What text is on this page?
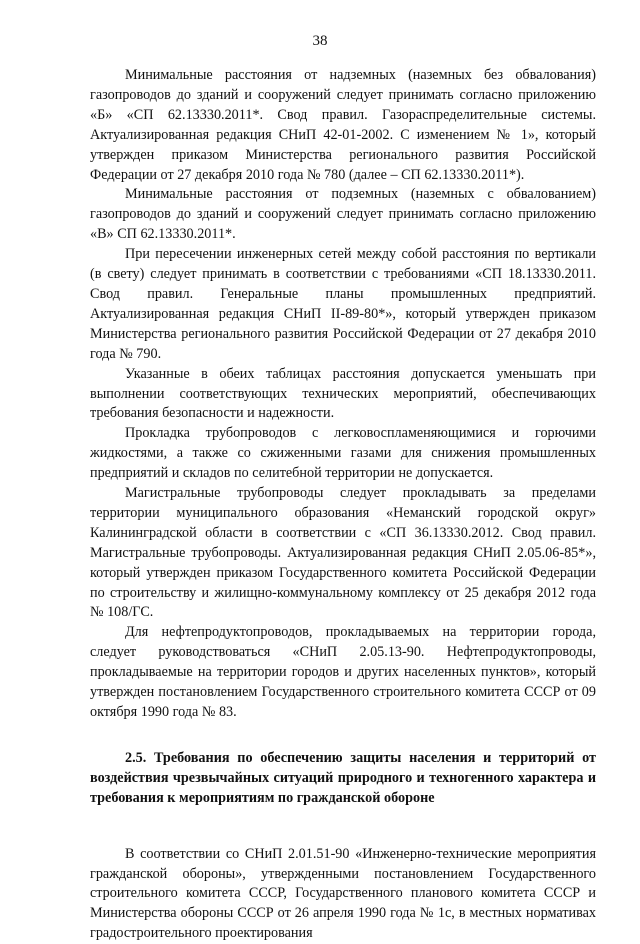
38

Минимальные расстояния от надземных (наземных без обвалования) газопроводов до зданий и сооружений следует принимать согласно приложению «Б» «СП 62.13330.2011*. Свод правил. Газораспределительные системы. Актуализированная редакция СНиП 42-01-2002. С изменением № 1», который утвержден приказом Министерства регионального развития Российской Федерации от 27 декабря 2010 года № 780 (далее – СП 62.13330.2011*).

Минимальные расстояния от подземных (наземных с обвалованием) газопроводов до зданий и сооружений следует принимать согласно приложению «В» СП 62.13330.2011*.

При пересечении инженерных сетей между собой расстояния по вертикали (в свету) следует принимать в соответствии с требованиями «СП 18.13330.2011. Свод правил. Генеральные планы промышленных предприятий. Актуализированная редакция СНиП II-89-80*», который утвержден приказом Министерства регионального развития Российской Федерации от 27 декабря 2010 года № 790.

Указанные в обеих таблицах расстояния допускается уменьшать при выполнении соответствующих технических мероприятий, обеспечивающих требования безопасности и надежности.

Прокладка трубопроводов с легковоспламеняющимися и горючими жидкостями, а также со сжиженными газами для снижения промышленных предприятий и складов по селитебной территории не допускается.

Магистральные трубопроводы следует прокладывать за пределами территории муниципального образования «Неманский городской округ» Калининградской области в соответствии с «СП 36.13330.2012. Свод правил. Магистральные трубопроводы. Актуализированная редакция СНиП 2.05.06-85*», который утвержден приказом Государственного комитета Российской Федерации по строительству и жилищно-коммунальному комплексу от 25 декабря 2012 года № 108/ГС.

Для нефтепродуктопроводов, прокладываемых на территории города, следует руководствоваться «СНиП 2.05.13-90. Нефтепродуктопроводы, прокладываемые на территории городов и других населенных пунктов», который утвержден постановлением Государственного строительного комитета СССР от 09 октября 1990 года № 83.

2.5. Требования по обеспечению защиты населения и территорий от воздействия чрезвычайных ситуаций природного и техногенного характера и требования к мероприятиям по гражданской обороне

В соответствии со СНиП 2.01.51-90 «Инженерно-технические мероприятия гражданской обороны», утвержденными постановлением Государственного строительного комитета СССР, Государственного планового комитета СССР и Министерства обороны СССР от 26 апреля 1990 года № 1с, в местных нормативах градостроительного проектирования
